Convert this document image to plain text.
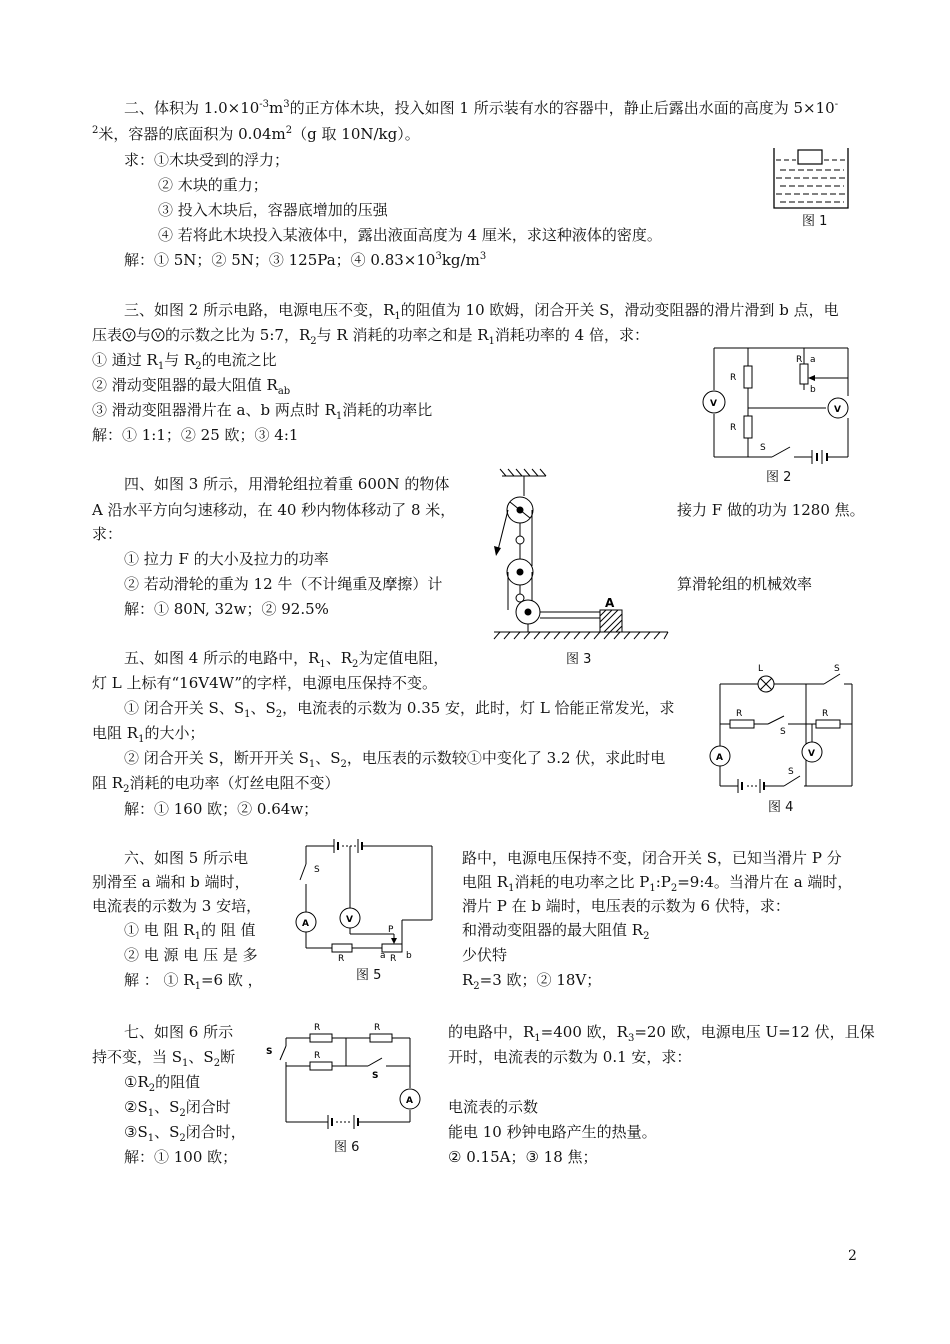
二、体积为 $1.0\times 10^{-3}m^3$的正方体木块，投入如图 1 所示装有水的容器中，静止后露出水面的高度为 5×10-
$^2$米，容器的底面积为 $0.04m^2(g$ 取 10N/kg）。
求：①木块受到的浮力；
② 木块的重力；
③ 投入木块后，容器底增加的压强
④ 若将此木块投入某液体中，露出液面高度为 4 厘米，求这种液体的密度。
解：① 5N；② 5N；③ 125Pa；④ $0.83\times 10^3kg/m^3$
图 1
三、如图 2 所示电路，电源电压不变，$R_1$的阻值为 10 欧姆，闭合开关 S，滑动变阻器的滑片滑到 b 点，电
压表 V 与 V 的示数之比为 5:7，$R_2$与 R 消耗的功率之和是 $R_1$消耗功率的 4 倍，求：
① 通过 $R_1$与 $R_2$的电流之比
② 滑动变阻器的最大阻值 $R_{ab}$
③ 滑动变阻器滑片在 a、b 两点时 $R_1$消耗的功率比
解：① 1:1；② 25 欧；③ 4:1
R a
b
R
R
V
V
S
图 2
四、如图 3 所示，用滑轮组拉着重 600N 的物体
A 沿水平方向匀速移动，在 40 秒内物体移动了 8 米，	接力 F 做的功为 1280 焦。
求：
① 拉力 F 的大小及拉力的功率
② 若动滑轮的重为 12 牛（不计绳重及摩擦）计	算滑轮组的机械效率
解：① 80N, 32w；② 92.5%	A
图 3
五、如图 4 所示的电路中，$R_1$、$R_2$为定值电阻，
灯 L 上标有“16V4W”的字样，电源电压保持不变。
① 闭合开关 S、$S_1$、$S_2$，电流表的示数为 0.35 安，此时，灯 L 恰能正常发光，求
电阻 $R_1$的大小；
② 闭合开关 S，断开开关 $S_1$、$S_2$，电压表的示数较①中变化了 3.2 伏，求此时电
阻 $R_2$消耗的电功率（灯丝电阻不变）
解：① 160 欧；② 0.64w；
L	S
R
S
R
A	V
S
图 4
六、如图 5 所示电	路中，电源电压保持不变，闭合开关 S，已知当滑片 P 分
别滑至 a 端和 b 端时，	电阻 $R_1$消耗的电功率之比 $P_1:P_2=9:4$。当滑片在 a 端时，
电流表的示数为 3 安培，	滑片 P 在 b 端时，电压表的示数为 6 伏特，求：
① 电 阻 $R_1$的 阻 值	和滑动变阻器的最大阻值 $R_2$
② 电 源 电 压 是 多	少伏特
解 ： ① $R_1=6$ 欧 ，	$R_2=3$ 欧；② 18V；
S
A	V
P
R	a R b
图 5
七、如图 6 所示	的电路中，$R_1=400$ 欧，$R_3=20$ 欧，电源电压 U=12 伏，且保
持不变，当 $S_1$、$S_2$断	开时，电流表的示数为 0.1 安，求：
$①R_2$的阻值
$②S_1$、$S_2$闭合时	电流表的示数
$③S_1$、$S_2$闭合时，	能电 10 秒钟电路产生的热量。
解：① 100 欧；	② 0.15A；③ 18 焦；
R	R
S	R
S
A
图 6
2
